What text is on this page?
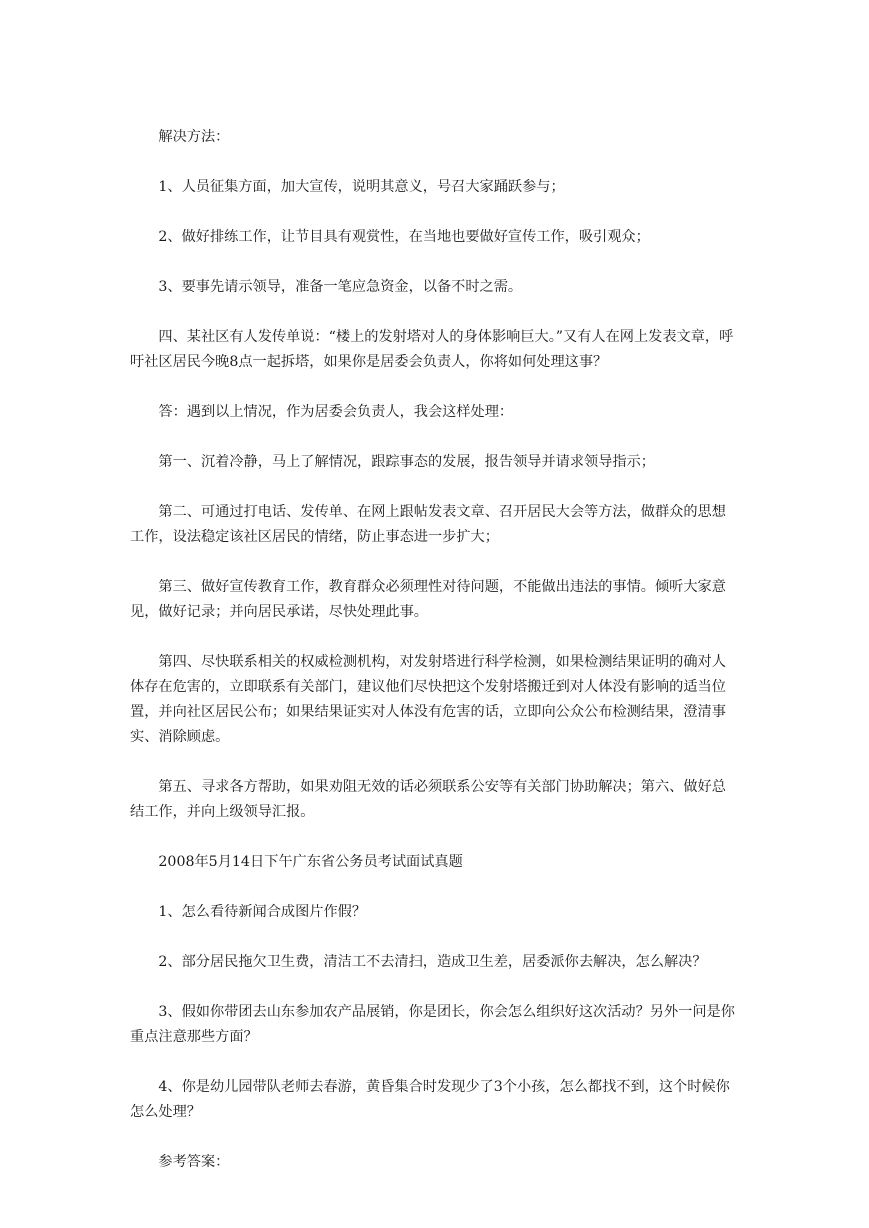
解决方法：

1、人员征集方面，加大宣传，说明其意义，号召大家踊跃参与；

2、做好排练工作，让节目具有观赏性，在当地也要做好宣传工作，吸引观众；

3、要事先请示领导，准备一笔应急资金，以备不时之需。

四、某社区有人发传单说：“楼上的发射塔对人的身体影响巨大。”又有人在网上发表文章，呼吁社区居民今晚8点一起拆塔，如果你是居委会负责人，你将如何处理这事？

答：遇到以上情况，作为居委会负责人，我会这样处理：

第一、沉着冷静，马上了解情况，跟踪事态的发展，报告领导并请求领导指示；

第二、可通过打电话、发传单、在网上跟帖发表文章、召开居民大会等方法，做群众的思想工作，设法稳定该社区居民的情绪，防止事态进一步扩大；

第三、做好宣传教育工作，教育群众必须理性对待问题，不能做出违法的事情。倾听大家意见，做好记录；并向居民承诺，尽快处理此事。

第四、尽快联系相关的权威检测机构，对发射塔进行科学检测，如果检测结果证明的确对人体存在危害的，立即联系有关部门，建议他们尽快把这个发射塔搬迁到对人体没有影响的适当位置，并向社区居民公布；如果结果证实对人体没有危害的话，立即向公众公布检测结果，澄清事实、消除顾虑。

第五、寻求各方帮助，如果劝阻无效的话必须联系公安等有关部门协助解决；第六、做好总结工作，并向上级领导汇报。

2008年5月14日下午广东省公务员考试面试真题

1、怎么看待新闻合成图片作假？

2、部分居民拖欠卫生费，清洁工不去清扫，造成卫生差，居委派你去解决，怎么解决？

3、假如你带团去山东参加农产品展销，你是团长，你会怎么组织好这次活动？另外一问是你重点注意那些方面？

4、你是幼儿园带队老师去春游，黄昏集合时发现少了3个小孩，怎么都找不到，这个时候你怎么处理？

参考答案：
